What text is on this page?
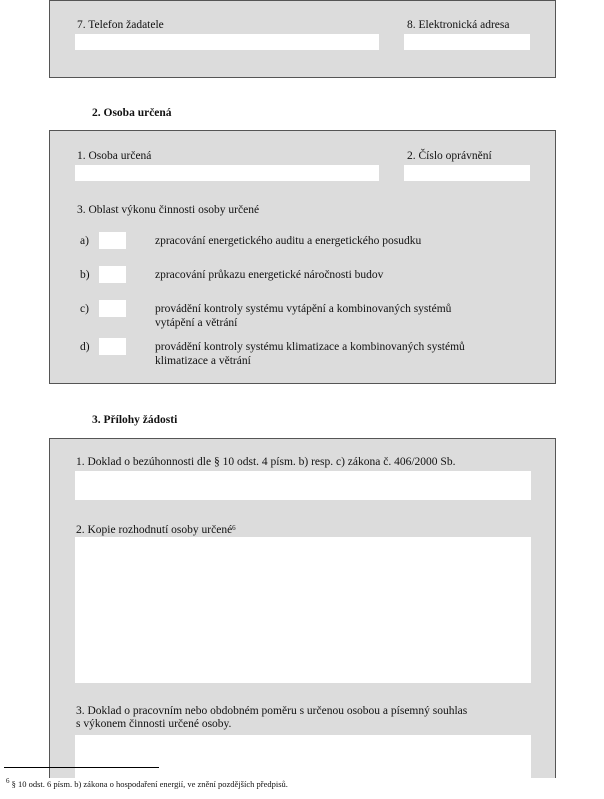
7. Telefon žadatele	8. Elektronická adresa
2. Osoba určená
1. Osoba určená	2. Číslo oprávnění
3. Oblast výkonu činnosti osoby určené
a)	zpracování energetického auditu a energetického posudku
b)	zpracování průkazu energetické náročnosti budov
c)	provádění kontroly systému vytápění a kombinovaných systémů
vytápění a větrání
d)	provádění kontroly systému klimatizace a kombinovaných systémů
klimatizace a větrání
3. Přílohy žádosti
1. Doklad o bezúhonnosti dle § 10 odst. 4 písm. b) resp. c) zákona č. 406/2000 Sb.
2. Kopie rozhodnutí osoby určené$^6$
3. Doklad o pracovním nebo obdobném poměru s určenou osobou a písemný souhlas
s výkonem činnosti určené osoby.
$^6$ § 10 odst. 6 písm. b) zákona o hospodaření energií, ve znění pozdějších předpisů.
